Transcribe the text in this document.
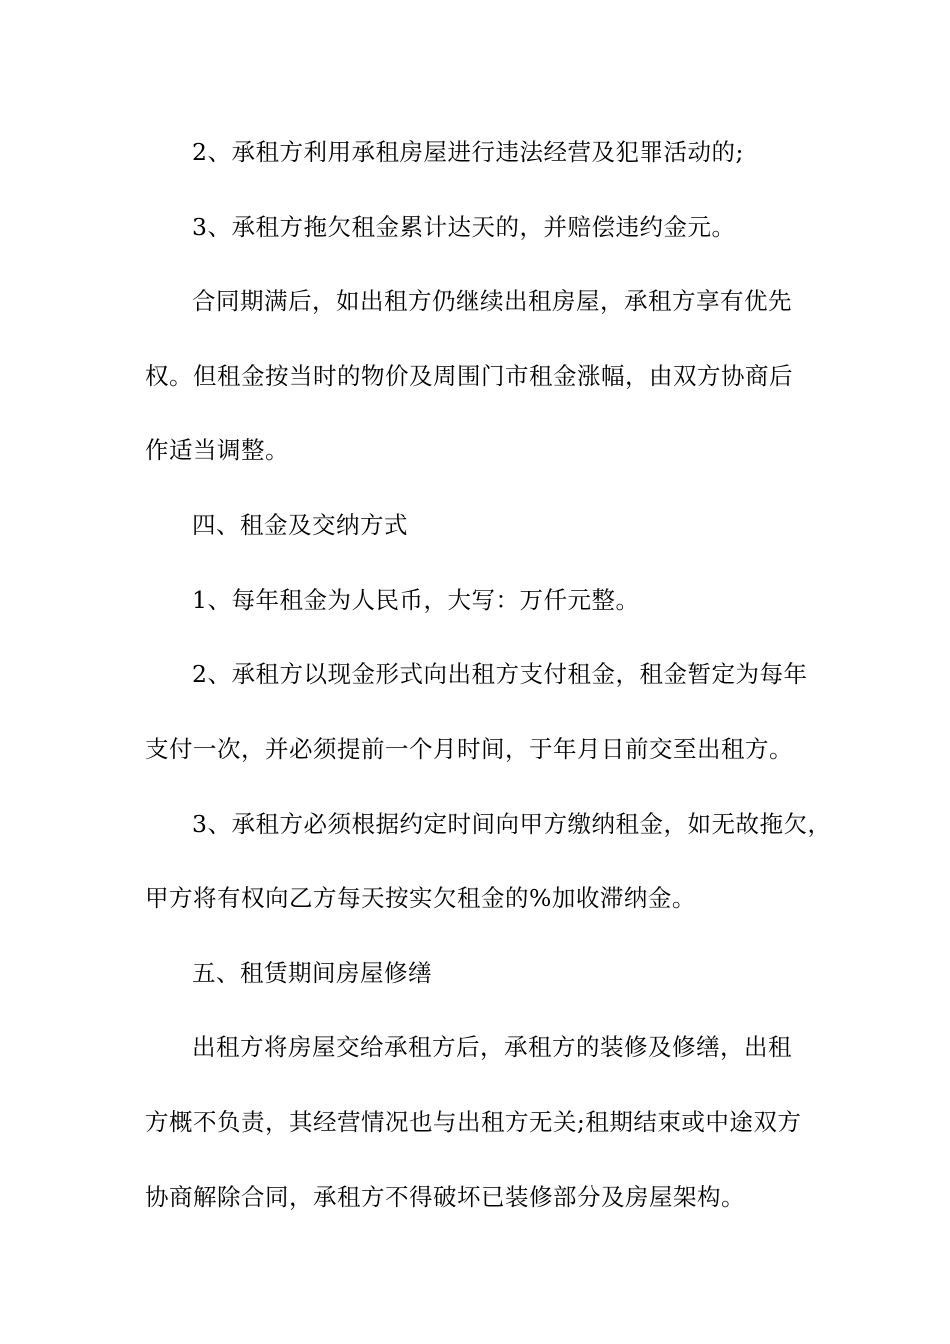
2、承租方利用承租房屋进行违法经营及犯罪活动的;
3、承租方拖欠租金累计达天的，并赔偿违约金元。
合同期满后，如出租方仍继续出租房屋，承租方享有优先
权。但租金按当时的物价及周围门市租金涨幅，由双方协商后
作适当调整。
四、租金及交纳方式
1、每年租金为人民币，大写：万仟元整。
2、承租方以现金形式向出租方支付租金，租金暂定为每年
支付一次，并必须提前一个月时间，于年月日前交至出租方。
3、承租方必须根据约定时间向甲方缴纳租金，如无故拖欠，
甲方将有权向乙方每天按实欠租金的%加收滞纳金。
五、租赁期间房屋修缮
出租方将房屋交给承租方后，承租方的装修及修缮，出租
方概不负责，其经营情况也与出租方无关;租期结束或中途双方
协商解除合同，承租方不得破坏已装修部分及房屋架构。
